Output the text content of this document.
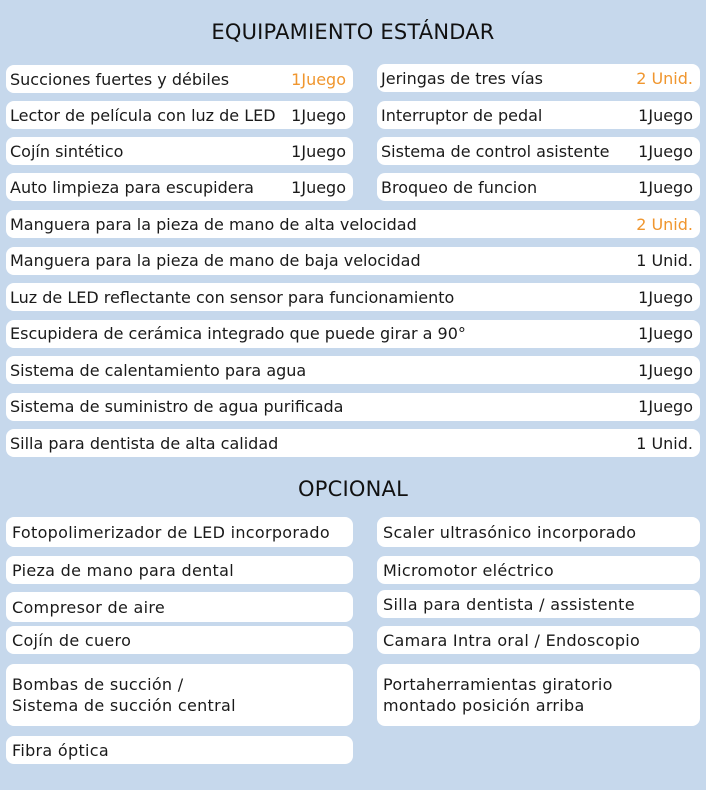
EQUIPAMIENTO ESTÁNDAR
Succiones fuertes y débiles	1Juego
Lector de película con luz de LED 1Juego
Cojín sintético	1Juego
Auto limpieza para escupidera 1Juego
Jeringas de tres vías	2 Unid.
Interruptor de pedal	1Juego
Sistema de control asistente 1Juego
Broqueo de funcion	1Juego
Manguera para la pieza de mano de alta velocidad	2 Unid.
Manguera para la pieza de mano de baja velocidad	1 Unid.
Luz de LED reflectante con sensor para funcionamiento	1Juego
Escupidera de cerámica integrado que puede girar a 90°	1Juego
Sistema de calentamiento para agua	1Juego
Sistema de suministro de agua purificada	1Juego
Silla para dentista de alta calidad	1 Unid.
OPCIONAL
Fotopolimerizador de LED incorporado
Pieza de mano para dental
Compresor de aire
Cojín de cuero
Bombas de succión /
Sistema de succión central
Fibra óptica
Scaler ultrasónico incorporado
Micromotor eléctrico
Silla para dentista / assistente
Camara Intra oral / Endoscopio
Portaherramientas giratorio
montado posición arriba
